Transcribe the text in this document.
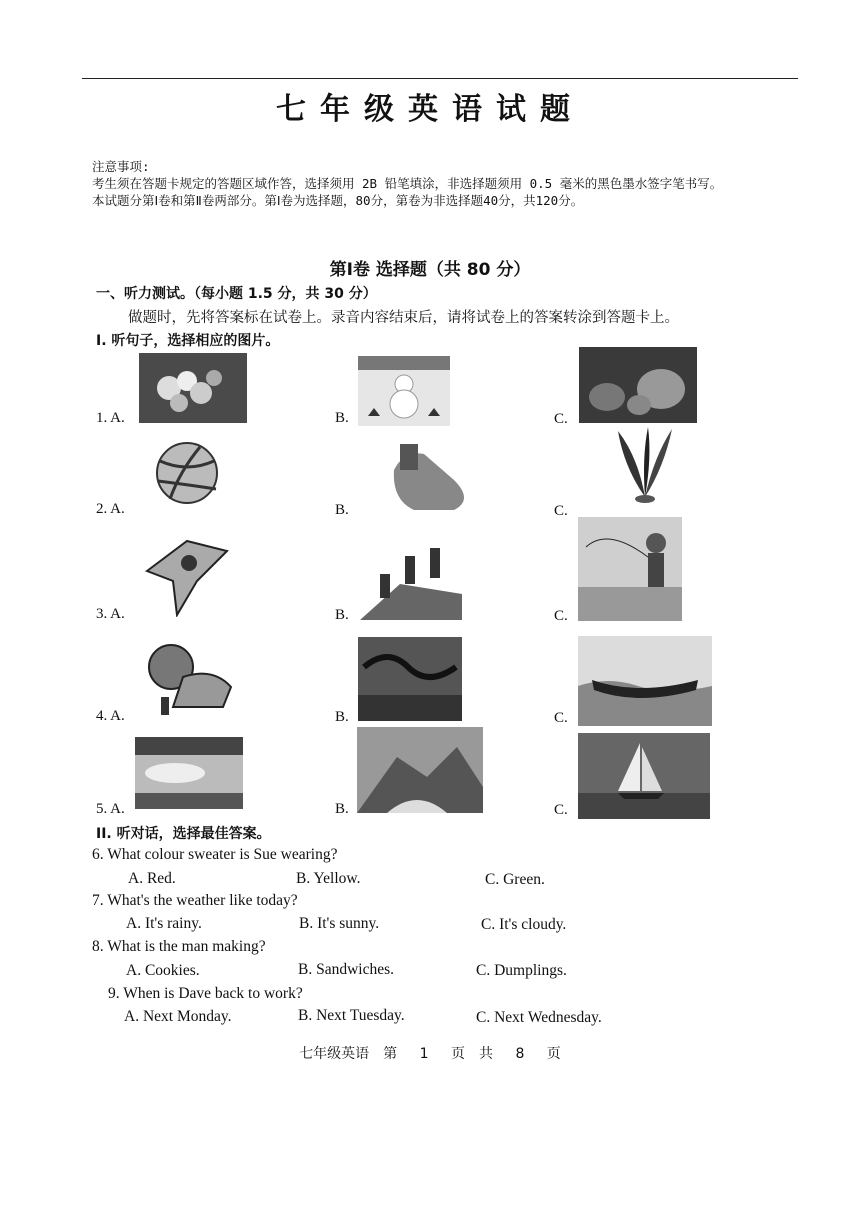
七年级英语试题
注意事项:
考生须在答题卡规定的答题区域作答，选择须用 2B 铅笔填涂，非选择题须用 0.5 毫米的黑色墨水签字笔书写。
本试题分第Ⅰ卷和第Ⅱ卷两部分。第Ⅰ卷为选择题，80分，第卷为非选择题40分，共120分。
第Ⅰ卷 选择题（共 80 分）
一、听力测试。（每小题 1.5 分，共 30 分）
做题时，先将答案标在试卷上。录音内容结束后，请将试卷上的答案转涂到答题卡上。
I. 听句子，选择相应的图片。
1. A.	B.	C.
2. A.	B.	C.
3. A.	B.	C.
4. A.	B.	C.
5. A.	B.	C.
II. 听对话，选择最佳答案。
6. What colour sweater is Sue wearing?
A. Red.	B. Yellow.	C. Green.
7. What's the weather like today?
A. It's rainy.	B. It's sunny.	C. It's cloudy.
8. What is the man making?
A. Cookies.	B. Sandwiches.	C. Dumplings.
9. When is Dave back to work?
A. Next Monday.	B. Next Tuesday.	C. Next Wednesday.
七年级英语　第 1 页　共 8 页
